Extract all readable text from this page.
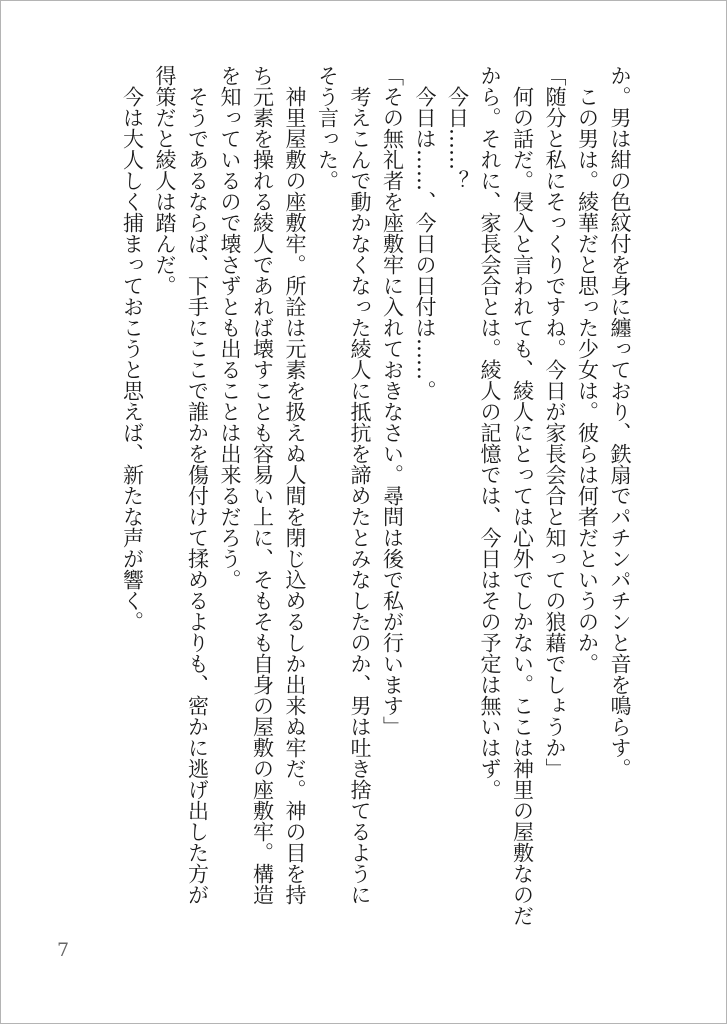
か。男は紺の色紋付を身に纏っており、鉄扇でパチンパチンと音を鳴らす。
　この男は。綾華だと思った少女は。彼らは何者だというのか。
「随分と私にそっくりですね。今日が家長会合と知っての狼藉でしょうか」
　何の話だ。侵入と言われても、綾人にとっては心外でしかない。ここは神里の屋敷なのだ
から。それに、家長会合とは。綾人の記憶では、今日はその予定は無いはず。
　今日……？
　今日は……、今日の日付は……。
「その無礼者を座敷牢に入れておきなさい。尋問は後で私が行います」
　考えこんで動かなくなった綾人に抵抗を諦めたとみなしたのか、男は吐き捨てるように
そう言った。
　神里屋敷の座敷牢。所詮は元素を扱えぬ人間を閉じ込めるしか出来ぬ牢だ。神の目を持
ち元素を操れる綾人であれば壊すことも容易い上に、そもそも自身の屋敷の座敷牢。構造
を知っているので壊さずとも出ることは出来るだろう。
　そうであるならば、下手にここで誰かを傷付けて揉めるよりも、密かに逃げ出した方が
得策だと綾人は踏んだ。
　今は大人しく捕まっておこうと思えば、新たな声が響く。
7
